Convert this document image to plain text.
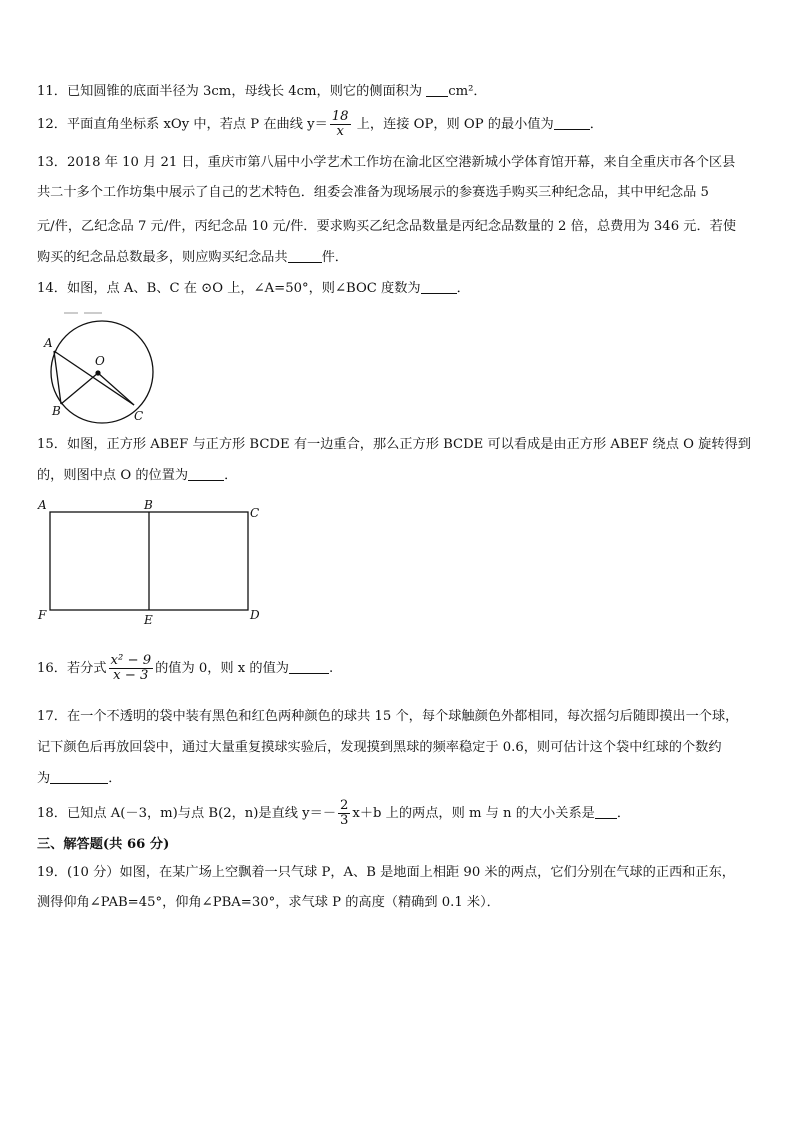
11．已知圆锥的底面半径为 3cm，母线长 4cm，则它的侧面积为 cm²．
12．平面直角坐标系 xOy 中，若点 P 在曲线 $y= \frac{18}{x}$ 上，连接 OP，则 OP 的最小值为	．
13．2018 年 10 月 21 日，重庆市第八届中小学艺术工作坊在渝北区空港新城小学体育馆开幕，来自全重庆市各个区县
共二十多个工作坊集中展示了自己的艺术特色．组委会准备为现场展示的参赛选手购买三种纪念品，其中甲纪念品 5
元/件，乙纪念品 7 元/件，丙纪念品 10 元/件．要求购买乙纪念品数量是丙纪念品数量的 2 倍，总费用为 346 元．若使
购买的纪念品总数最多，则应购买纪念品共	件．
14．如图，点 A、B、C 在 ⊙O 上，∠A=50°，则∠BOC 度数为	．
A
O
B	C
15．如图，正方形 ABEF 与正方形 BCDE 有一边重合，那么正方形 BCDE 可以看成是由正方形 ABEF 绕点 O 旋转得到
的，则图中点 O 的位置为	．
A	B
C
F	E	D
16．若分式 $\frac{\text{x² − 9}}{x - 3}$ 的值为 0，则 x 的值为	.
17．在一个不透明的袋中装有黑色和红色两种颜色的球共 15 个，每个球触颜色外都相同，每次摇匀后随即摸出一个球，
记下颜色后再放回袋中，通过大量重复摸球实验后，发现摸到黑球的频率稳定于 0.6，则可估计这个袋中红球的个数约
为	．
18．已知点 A(－3，m)与点 B(2，n)是直线 $y=- \frac{2}{3} x+b$ 上的两点，则 m 与 n 的大小关系是 ．
三、解答题(共 66 分)
19．(10 分）如图，在某广场上空飘着一只气球 P，A、B 是地面上相距 90 米的两点，它们分别在气球的正西和正东，
测得仰角∠PAB=45°，仰角∠PBA=30°，求气球 P 的高度（精确到 0.1 米）．
